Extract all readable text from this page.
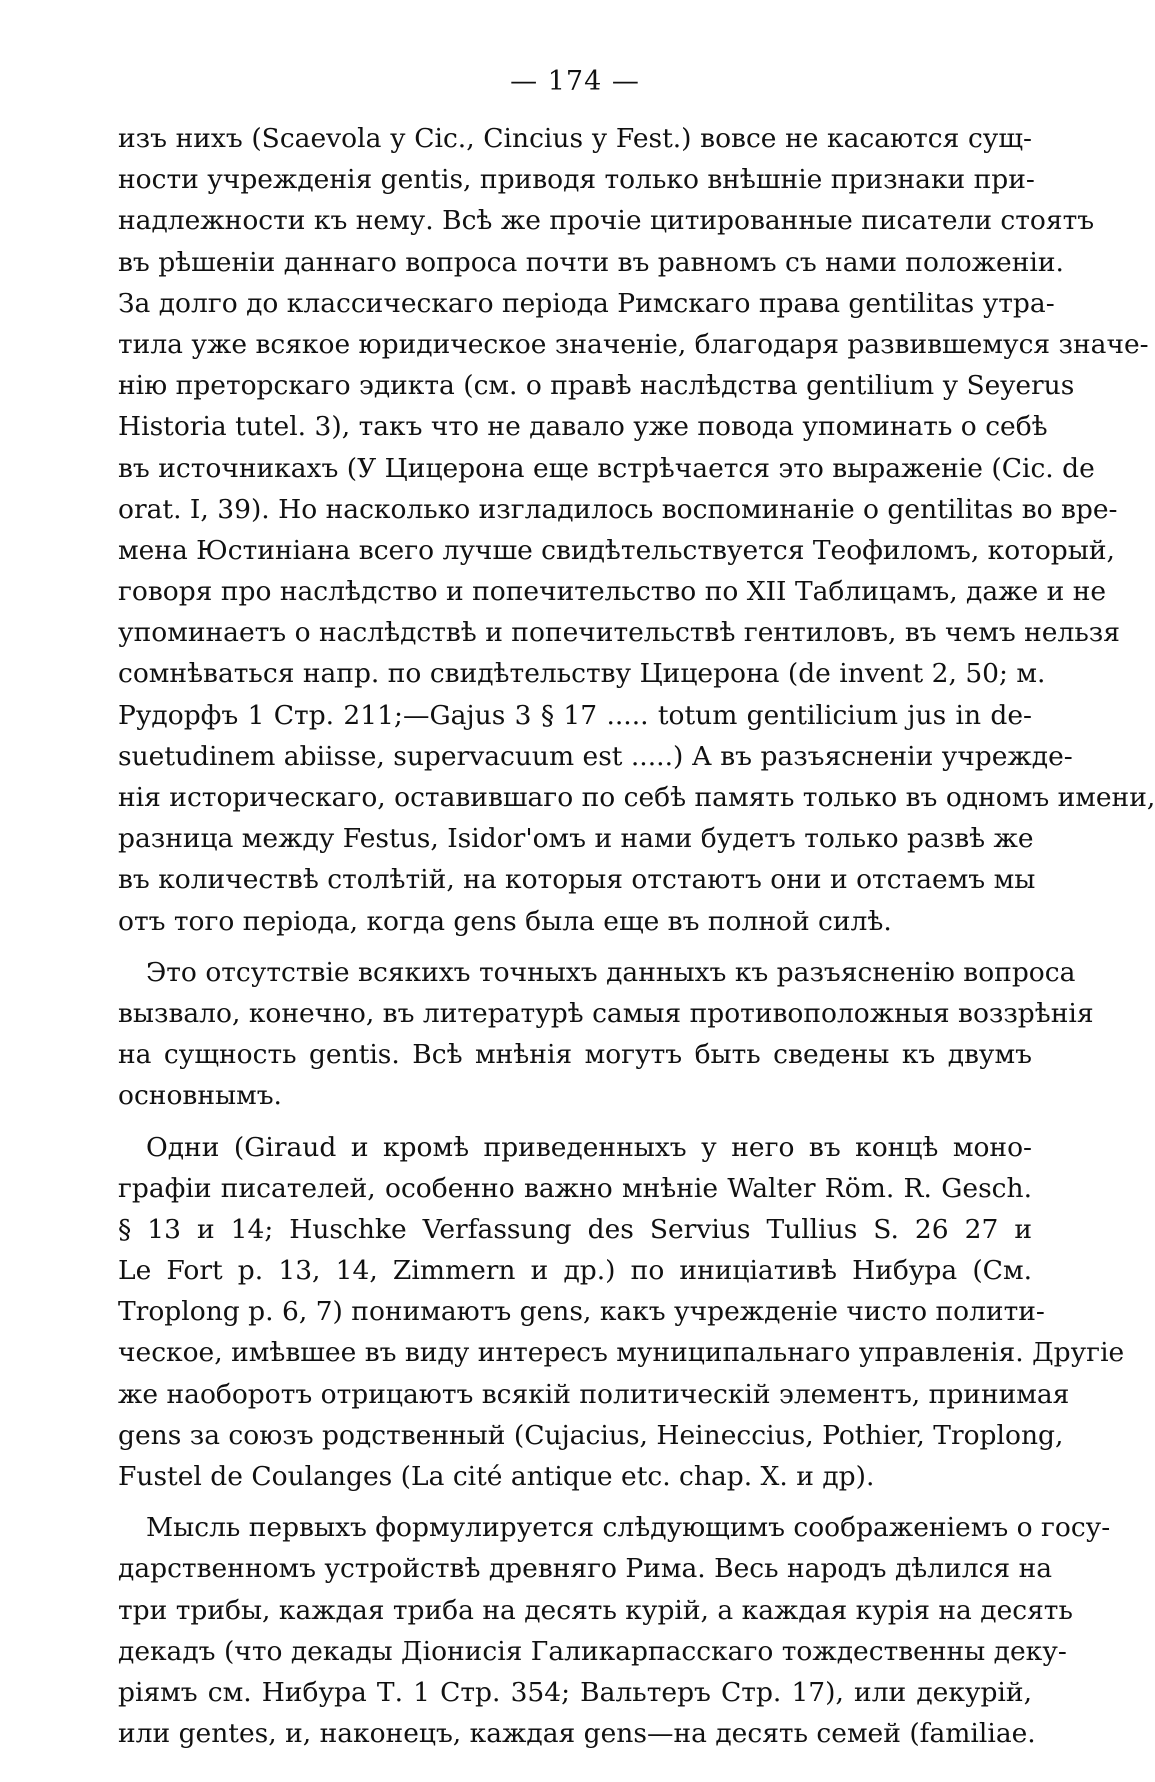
— 174 —
изъ нихъ (Scaevola у Cic., Cincius у Fest.) вовсе не касаются сущ-
ности учрежденія gentis, приводя только внѣшніе признаки при-
надлежности къ нему. Всѣ же прочіе цитированные писатели стоятъ
въ рѣшеніи даннаго вопроса почти въ равномъ съ нами положеніи.
За долго до классическаго періода Римскаго права gentilitas утра-
тила уже всякое юридическое значеніе, благодаря развившемуся значе-
нію преторскаго эдикта (см. о правѣ наслѣдства gentilium у Seyerus
Historia tutel. 3), такъ что не давало уже повода упоминать о себѣ
въ источникахъ (У Цицерона еще встрѣчается это выраженіе (Cic. de
orat. I, 39). Но насколько изгладилось воспоминаніе о gentilitas во вре-
мена Юстиніана всего лучше свидѣтельствуется Теофиломъ, который,
говоря про наслѣдство и попечительство по XII Таблицамъ, даже и не
упоминаетъ о наслѣдствѣ и попечительствѣ гентиловъ, въ чемъ нельзя
сомнѣваться напр. по свидѣтельству Цицерона (de invent 2, 50; м.
Рудорфъ 1 Стр. 211;—Gajus 3 § 17 ..... totum gentilicium jus in de-
suetudinem abiisse, supervacuum est .....) А въ разъясненіи учрежде-
нія историческаго, оставившаго по себѣ память только въ одномъ имени,
разница между Festus, Isidor'омъ и нами будетъ только развѣ же
въ количествѣ столѣтій, на которыя отстаютъ они и отстаемъ мы
отъ того періода, когда gens была еще въ полной силѣ.
Это отсутствіе всякихъ точныхъ данныхъ къ разъясненію вопроса
вызвало, конечно, въ литературѣ самыя противоположныя воззрѣнія
на сущность gentis. Всѣ мнѣнія могутъ быть сведены къ двумъ
основнымъ.
Одни (Giraud и кромѣ приведенныхъ у него въ концѣ моно-
графіи писателей, особенно важно мнѣніе Walter Röm. R. Gesch.
§ 13 и 14; Huschke Verfassung des Servius Tullius S. 26 27 и
Le Fort p. 13, 14, Zimmern и др.) по иниціативѣ Нибура (См.
Troplong p. 6, 7) понимаютъ gens, какъ учрежденіе чисто полити-
ческое, имѣвшее въ виду интересъ муниципальнаго управленія. Другіе
же наоборотъ отрицаютъ всякій политическій элементъ, принимая
gens за союзъ родственный (Cujacius, Heineccius, Pothier, Troplong,
Fustel de Coulanges (La cité antique etc. chap. X. и др).
Мысль первыхъ формулируется слѣдующимъ соображеніемъ о госу-
дарственномъ устройствѣ древняго Рима. Весь народъ дѣлился на
три трибы, каждая триба на десять курій, а каждая курія на десять
декадъ (что декады Діонисія Галикарпасскаго тождественны деку-
ріямъ см. Нибура Т. 1 Стр. 354; Вальтеръ Стр. 17), или декурій,
или gentes, и, наконецъ, каждая gens—на десять семей (familiae.
